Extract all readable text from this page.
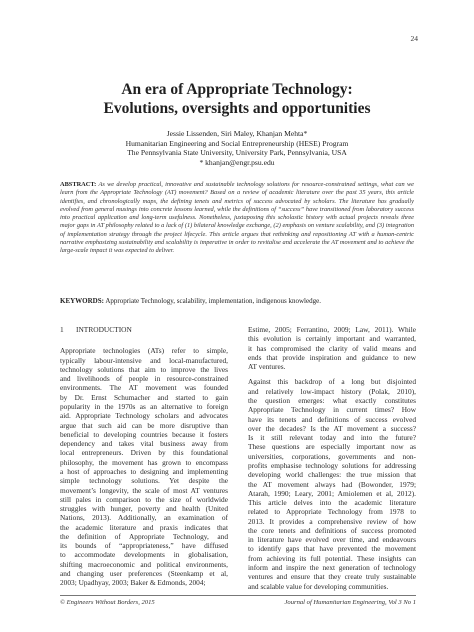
24
An era of Appropriate Technology:
Evolutions, oversights and opportunities
Jessie Lissenden, Siri Maley, Khanjan Mehta*
Humanitarian Engineering and Social Entrepreneurship (HESE) Program
The Pennsylvania State University, University Park, Pennsylvania, USA
* khanjan@engr.psu.edu
ABSTRACT: As we develop practical, innovative and sustainable technology solutions for resource-constrained settings, what can we learn from the Appropriate Technology (AT) movement? Based on a review of academic literature over the past 35 years, this article identifies, and chronologically maps, the defining tenets and metrics of success advocated by scholars. The literature has gradually evolved from general musings into concrete lessons learned, while the definitions of “success” have transitioned from laboratory success into practical application and long-term usefulness. Nonetheless, juxtaposing this scholastic history with actual projects reveals three major gaps in AT philosophy related to a lack of (1) bilateral knowledge exchange, (2) emphasis on venture scalability, and (3) integration of implementation strategy through the project lifecycle. This article argues that rethinking and repositioning AT with a human-centric narrative emphasizing sustainability and scalability is imperative in order to revitalise and accelerate the AT movement and to achieve the large-scale impact it was expected to deliver.
KEYWORDS: Appropriate Technology, scalability, implementation, indigenous knowledge.
1 INTRODUCTION

Appropriate technologies (ATs) refer to simple,
typically labour-intensive and local-manufactured,
technology solutions that aim to improve the lives
and livelihoods of people in resource-constrained
environments. The AT movement was founded
by Dr. Ernst Schumacher and started to gain
popularity in the 1970s as an alternative to foreign
aid. Appropriate Technology scholars and advocates
argue that such aid can be more disruptive than
beneficial to developing countries because it fosters
dependency and takes vital business away from
local entrepreneurs. Driven by this foundational
philosophy, the movement has grown to encompass
a host of approaches to designing and implementing
simple technology solutions. Yet despite the
movement’s longevity, the scale of most AT ventures
still pales in comparison to the size of worldwide
struggles with hunger, poverty and health (United
Nations, 2013). Additionally, an examination of
the academic literature and praxis indicates that
the definition of Appropriate Technology, and
its bounds of “appropriateness,” have diffused
to accommodate developments in globalisation,
shifting macroeconomic and political environments,
and changing user preferences (Steenkamp et al,
2003; Upadhyay, 2003; Baker & Edmonds, 2004;

Estime, 2005; Ferrantino, 2009; Law, 2011). While
this evolution is certainly important and warranted,
it has compromised the clarity of valid means and
ends that provide inspiration and guidance to new
AT ventures.

Against this backdrop of a long but disjointed
and relatively low-impact history (Polak, 2010),
the question emerges: what exactly constitutes
Appropriate Technology in current times? How
have its tenets and definitions of success evolved
over the decades? Is the AT movement a success?
Is it still relevant today and into the future?
These questions are especially important now as
universities, corporations, governments and non-
profits emphasise technology solutions for addressing
developing world challenges: the true mission that
the AT movement always had (Bowonder, 1979;
Atarah, 1990; Leary, 2001; Amiolemen et al, 2012).
This article delves into the academic literature
related to Appropriate Technology from 1978 to
2013. It provides a comprehensive review of how
the core tenets and definitions of success promoted
in literature have evolved over time, and endeavours
to identify gaps that have prevented the movement
from achieving its full potential. These insights can
inform and inspire the next generation of technology
ventures and ensure that they create truly sustainable
and scalable value for developing communities.

© Engineers Without Borders, 2015	Journal of Humanitarian Engineering, Vol 3 No 1
